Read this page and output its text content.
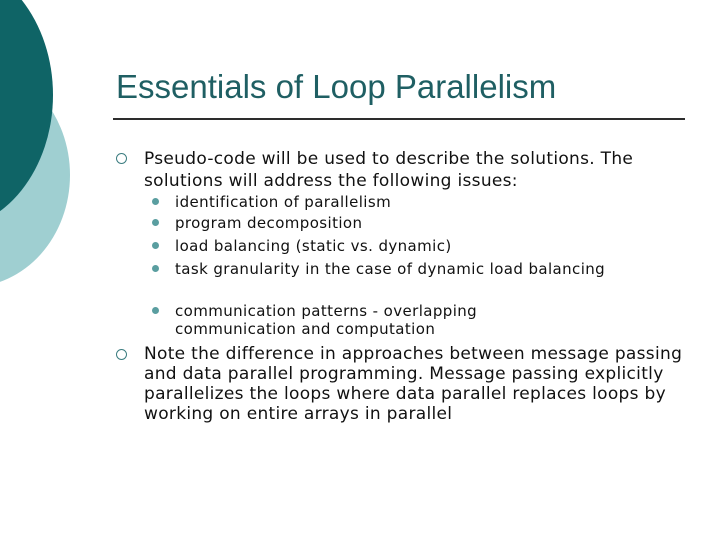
Essentials of Loop Parallelism
Pseudo-code will be used to describe the solutions. The solutions will address the following issues:
identification of parallelism
program decomposition
load balancing (static vs. dynamic)
task granularity in the case of dynamic load balancing
communication patterns - overlapping communication and computation
Note the difference in approaches between message passing and data parallel programming. Message passing explicitly parallelizes the loops where data parallel replaces loops by working on entire arrays in parallel
